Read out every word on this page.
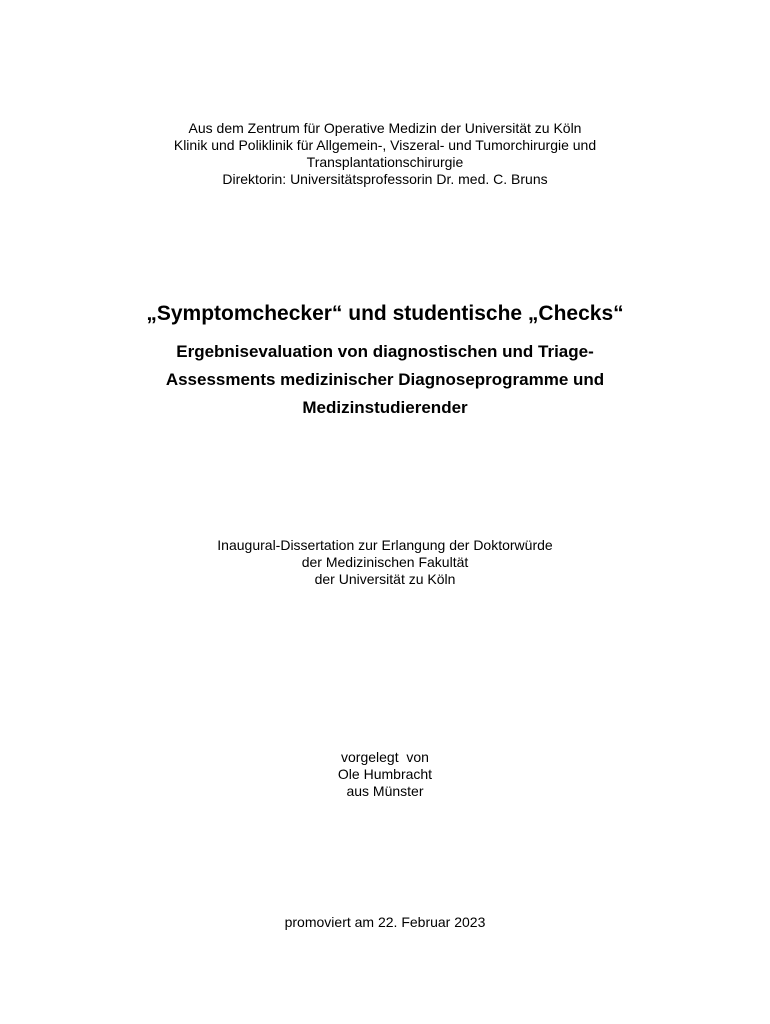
Aus dem Zentrum für Operative Medizin der Universität zu Köln
Klinik und Poliklinik für Allgemein-, Viszeral- und Tumorchirurgie und
Transplantationschirurgie
Direktorin: Universitätsprofessorin Dr. med. C. Bruns
„Symptomchecker“ und studentische „Checks“
Ergebnisevaluation von diagnostischen und Triage-
Assessments medizinischer Diagnoseprogramme und
Medizinstudierender
Inaugural-Dissertation zur Erlangung der Doktorwürde
der Medizinischen Fakultät
der Universität zu Köln
vorgelegt  von
Ole Humbracht
aus Münster
promoviert am 22. Februar 2023
